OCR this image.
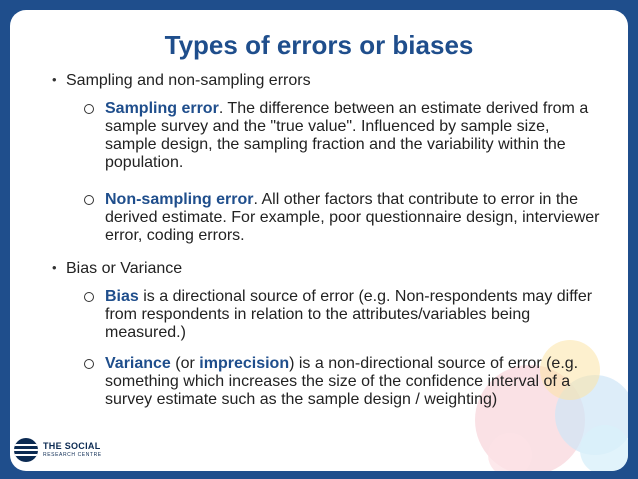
Types of errors or biases
• Sampling and non-sampling errors
Sampling error. The difference between an estimate derived from a sample survey and the "true value". Influenced by sample size, sample design, the sampling fraction and the variability within the population.
Non-sampling error. All other factors that contribute to error in the derived estimate. For example, poor questionnaire design, interviewer error, coding errors.
• Bias or Variance
Bias is a directional source of error (e.g. Non-respondents may differ from respondents in relation to the attributes/variables being measured.)
Variance (or imprecision) is a non-directional source of error (e.g. something which increases the size of the confidence interval of a survey estimate such as the sample design / weighting)
THE SOCIAL
RESEARCH CENTRE
